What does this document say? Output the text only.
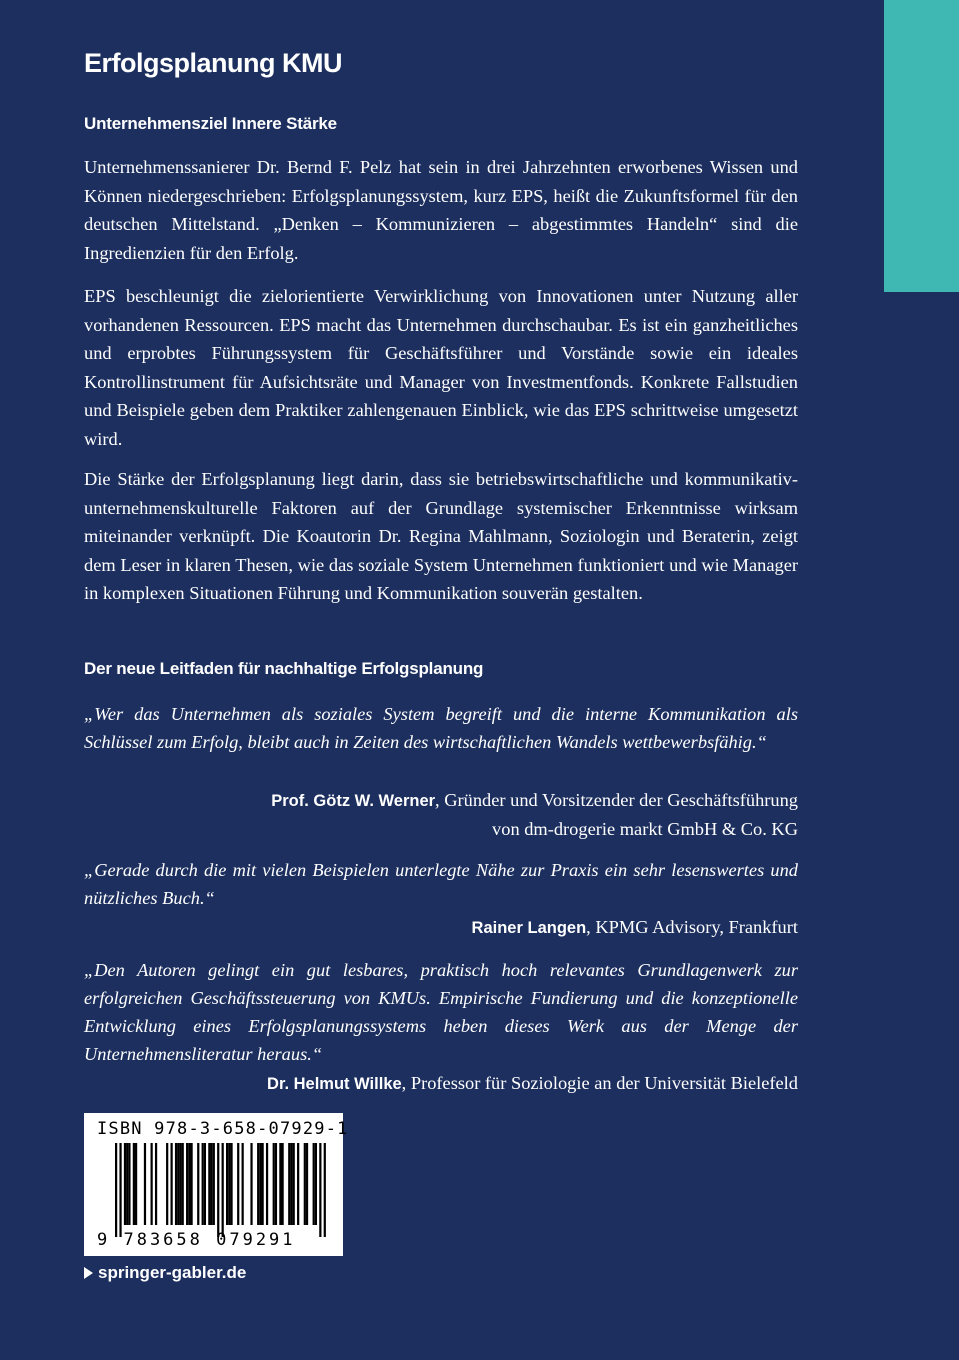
Erfolgsplanung KMU
Unternehmensziel Innere Stärke

Unternehmenssanierer Dr. Bernd F. Pelz hat sein in drei Jahrzehnten erworbenes Wissen und Können niedergeschrieben: Erfolgsplanungssystem, kurz EPS, heißt die Zukunftsformel für den deutschen Mittelstand. „Denken – Kommunizieren – abgestimmtes Handeln“ sind die Ingredienzien für den Erfolg.

EPS beschleunigt die zielorientierte Verwirklichung von Innovationen unter Nutzung aller vorhandenen Ressourcen. EPS macht das Unternehmen durchschaubar. Es ist ein ganzheitliches und erprobtes Führungssystem für Geschäftsführer und Vorstände sowie ein ideales Kontrollinstrument für Aufsichtsräte und Manager von Investmentfonds. Konkrete Fallstudien und Beispiele geben dem Praktiker zahlengenauen Einblick, wie das EPS schrittweise umgesetzt wird.

Die Stärke der Erfolgsplanung liegt darin, dass sie betriebswirtschaftliche und kommunikativ-unternehmenskulturelle Faktoren auf der Grundlage systemischer Erkenntnisse wirksam miteinander verknüpft. Die Koautorin Dr. Regina Mahlmann, Soziologin und Beraterin, zeigt dem Leser in klaren Thesen, wie das soziale System Unternehmen funktioniert und wie Manager in komplexen Situationen Führung und Kommunikation souverän gestalten.

Der neue Leitfaden für nachhaltige Erfolgsplanung

„Wer das Unternehmen als soziales System begreift und die interne Kommunikation als Schlüssel zum Erfolg, bleibt auch in Zeiten des wirtschaftlichen Wandels wettbewerbsfähig.“

Prof. Götz W. Werner, Gründer und Vorsitzender der Geschäftsführung
von dm-drogerie markt GmbH & Co. KG

„Gerade durch die mit vielen Beispielen unterlegte Nähe zur Praxis ein sehr lesenswertes und nützliches Buch.“

Rainer Langen, KPMG Advisory, Frankfurt

„Den Autoren gelingt ein gut lesbares, praktisch hoch relevantes Grundlagenwerk zur erfolgreichen Geschäftssteuerung von KMUs. Empirische Fundierung und die konzeptionelle Entwicklung eines Erfolgsplanungssystems heben dieses Werk aus der Menge der Unternehmensliteratur heraus.“

Dr. Helmut Willke, Professor für Soziologie an der Universität Bielefeld
ISBN 978-3-658-07929-1
9 783658 079291
springer-gabler.de
